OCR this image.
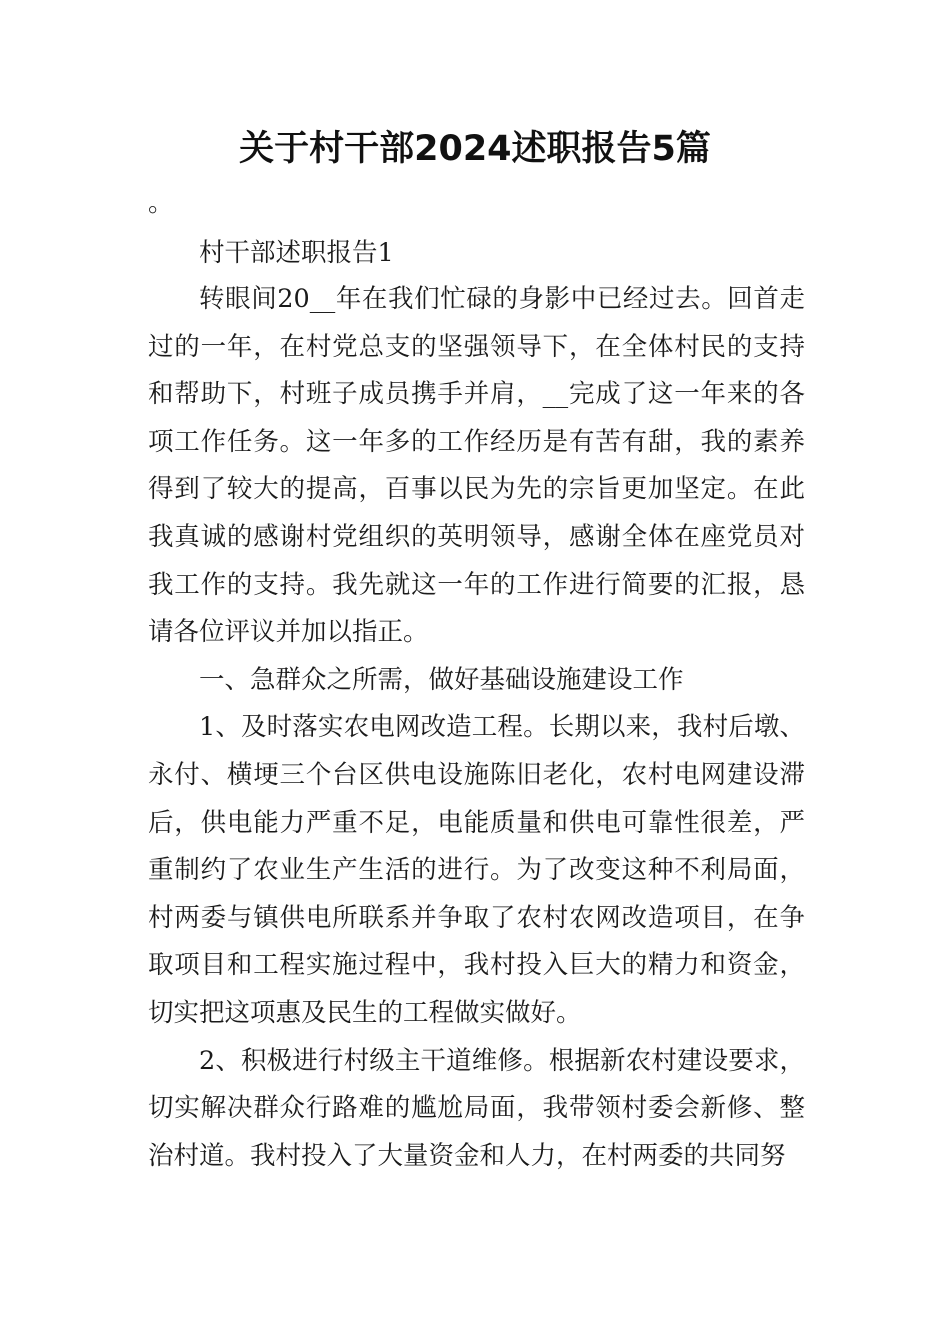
关于村干部2024述职报告5篇

。

村干部述职报告1

转眼间20__年在我们忙碌的身影中已经过去。回首走过的一年，在村党总支的坚强领导下，在全体村民的支持和帮助下，村班子成员携手并肩，__完成了这一年来的各项工作任务。这一年多的工作经历是有苦有甜，我的素养得到了较大的提高，百事以民为先的宗旨更加坚定。在此我真诚的感谢村党组织的英明领导，感谢全体在座党员对我工作的支持。我先就这一年的工作进行简要的汇报，恳请各位评议并加以指正。

一、急群众之所需，做好基础设施建设工作

1、及时落实农电网改造工程。长期以来，我村后墩、永付、横埂三个台区供电设施陈旧老化，农村电网建设滞后，供电能力严重不足，电能质量和供电可靠性很差，严重制约了农业生产生活的进行。为了改变这种不利局面，村两委与镇供电所联系并争取了农村农网改造项目，在争取项目和工程实施过程中，我村投入巨大的精力和资金，切实把这项惠及民生的工程做实做好。

2、积极进行村级主干道维修。根据新农村建设要求，切实解决群众行路难的尴尬局面，我带领村委会新修、整治村道。我村投入了大量资金和人力，在村两委的共同努
